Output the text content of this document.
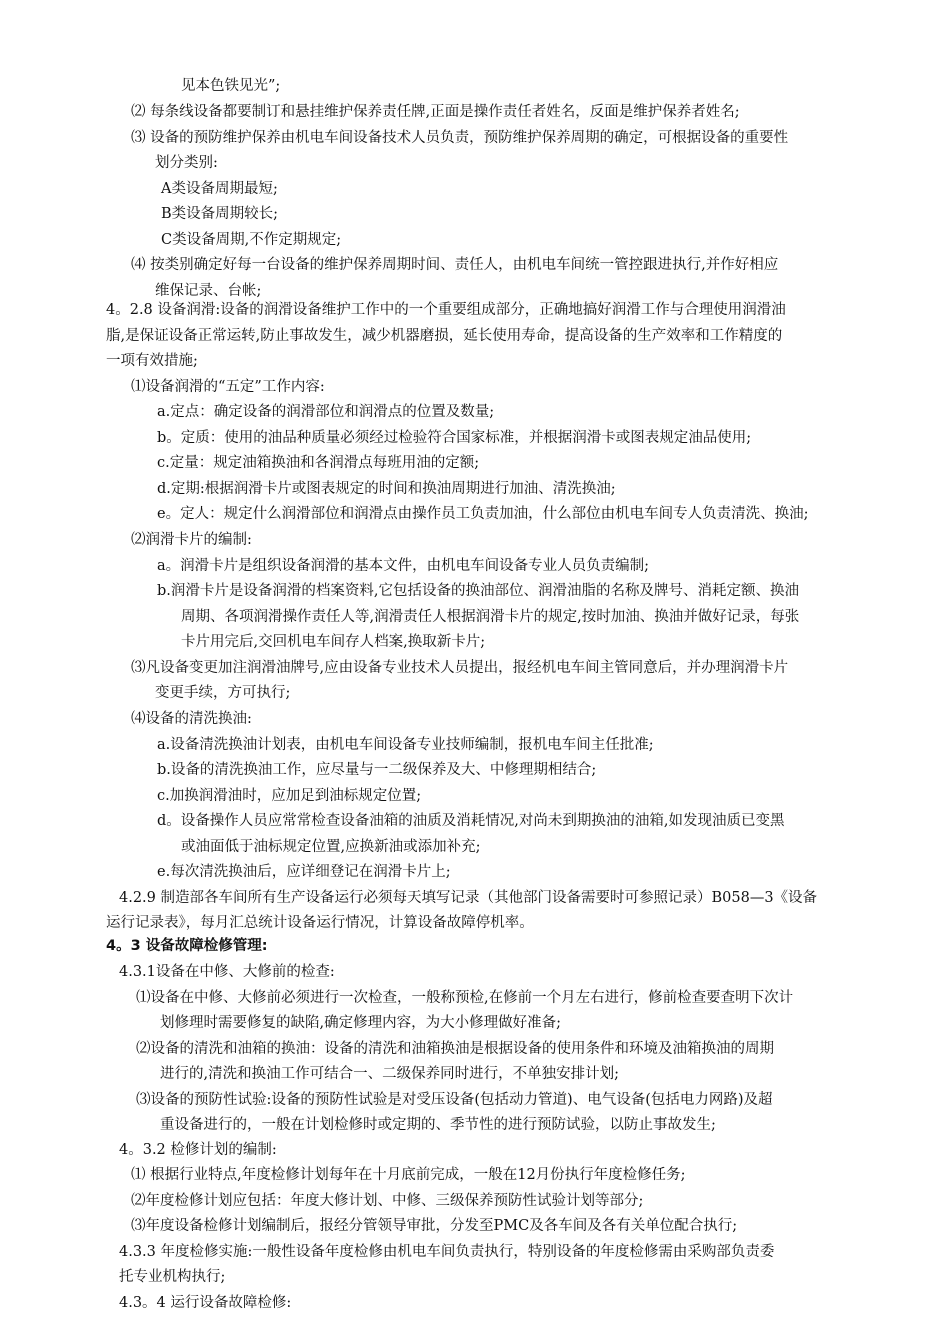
见本色铁见光”;
⑵ 每条线设备都要制订和悬挂维护保养责任牌,正面是操作责任者姓名，反面是维护保养者姓名;
⑶ 设备的预防维护保养由机电车间设备技术人员负责，预防维护保养周期的确定，可根据设备的重要性
划分类别:
A类设备周期最短;
B类设备周期较长;
C类设备周期,不作定期规定;
⑷ 按类别确定好每一台设备的维护保养周期时间、责任人，由机电车间统一管控跟进执行,并作好相应
维保记录、台帐;
4。2.8 设备润滑:设备的润滑设备维护工作中的一个重要组成部分，正确地搞好润滑工作与合理使用润滑油
脂,是保证设备正常运转,防止事故发生，减少机器磨损，延长使用寿命，提高设备的生产效率和工作精度的
一项有效措施;
⑴设备润滑的“五定”工作内容:
a.定点：确定设备的润滑部位和润滑点的位置及数量;
b。定质：使用的油品种质量必须经过检验符合国家标准，并根据润滑卡或图表规定油品使用;
c.定量：规定油箱换油和各润滑点每班用油的定额;
d.定期:根据润滑卡片或图表规定的时间和换油周期进行加油、清洗换油;
e。定人：规定什么润滑部位和润滑点由操作员工负责加油，什么部位由机电车间专人负责清洗、换油;
⑵润滑卡片的编制:
a。润滑卡片是组织设备润滑的基本文件，由机电车间设备专业人员负责编制;
b.润滑卡片是设备润滑的档案资料,它包括设备的换油部位、润滑油脂的名称及牌号、消耗定额、换油
周期、各项润滑操作责任人等,润滑责任人根据润滑卡片的规定,按时加油、换油并做好记录，每张
卡片用完后,交回机电车间存人档案,换取新卡片;
⑶凡设备变更加注润滑油牌号,应由设备专业技术人员提出，报经机电车间主管同意后，并办理润滑卡片
变更手续，方可执行;
⑷设备的清洗换油:
a.设备清洗换油计划表，由机电车间设备专业技师编制，报机电车间主任批准;
b.设备的清洗换油工作，应尽量与一二级保养及大、中修理期相结合;
c.加换润滑油时，应加足到油标规定位置;
d。设备操作人员应常常检查设备油箱的油质及消耗情况,对尚未到期换油的油箱,如发现油质已变黑
或油面低于油标规定位置,应换新油或添加补充;
e.每次清洗换油后，应详细登记在润滑卡片上;
4.2.9 制造部各车间所有生产设备运行必须每天填写记录（其他部门设备需要时可参照记录）B058—3《设备
运行记录表》，每月汇总统计设备运行情况，计算设备故障停机率。
4。3 设备故障检修管理:
4.3.1设备在中修、大修前的检查:
⑴设备在中修、大修前必须进行一次检查，一般称预检,在修前一个月左右进行，修前检查要查明下次计
划修理时需要修复的缺陷,确定修理内容，为大小修理做好准备;
⑵设备的清洗和油箱的换油：设备的清洗和油箱换油是根据设备的使用条件和环境及油箱换油的周期
进行的,清洗和换油工作可结合一、二级保养同时进行，不单独安排计划;
⑶设备的预防性试验:设备的预防性试验是对受压设备(包括动力管道)、电气设备(包括电力网路)及超
重设备进行的，一般在计划检修时或定期的、季节性的进行预防试验，以防止事故发生;
4。3.2 检修计划的编制:
⑴ 根据行业特点,年度检修计划每年在十月底前完成，一般在12月份执行年度检修任务;
⑵年度检修计划应包括：年度大修计划、中修、三级保养预防性试验计划等部分;
⑶年度设备检修计划编制后，报经分管领导审批，分发至PMC及各车间及各有关单位配合执行;
4.3.3 年度检修实施:一般性设备年度检修由机电车间负责执行，特别设备的年度检修需由采购部负责委
托专业机构执行;
4.3。4 运行设备故障检修:
